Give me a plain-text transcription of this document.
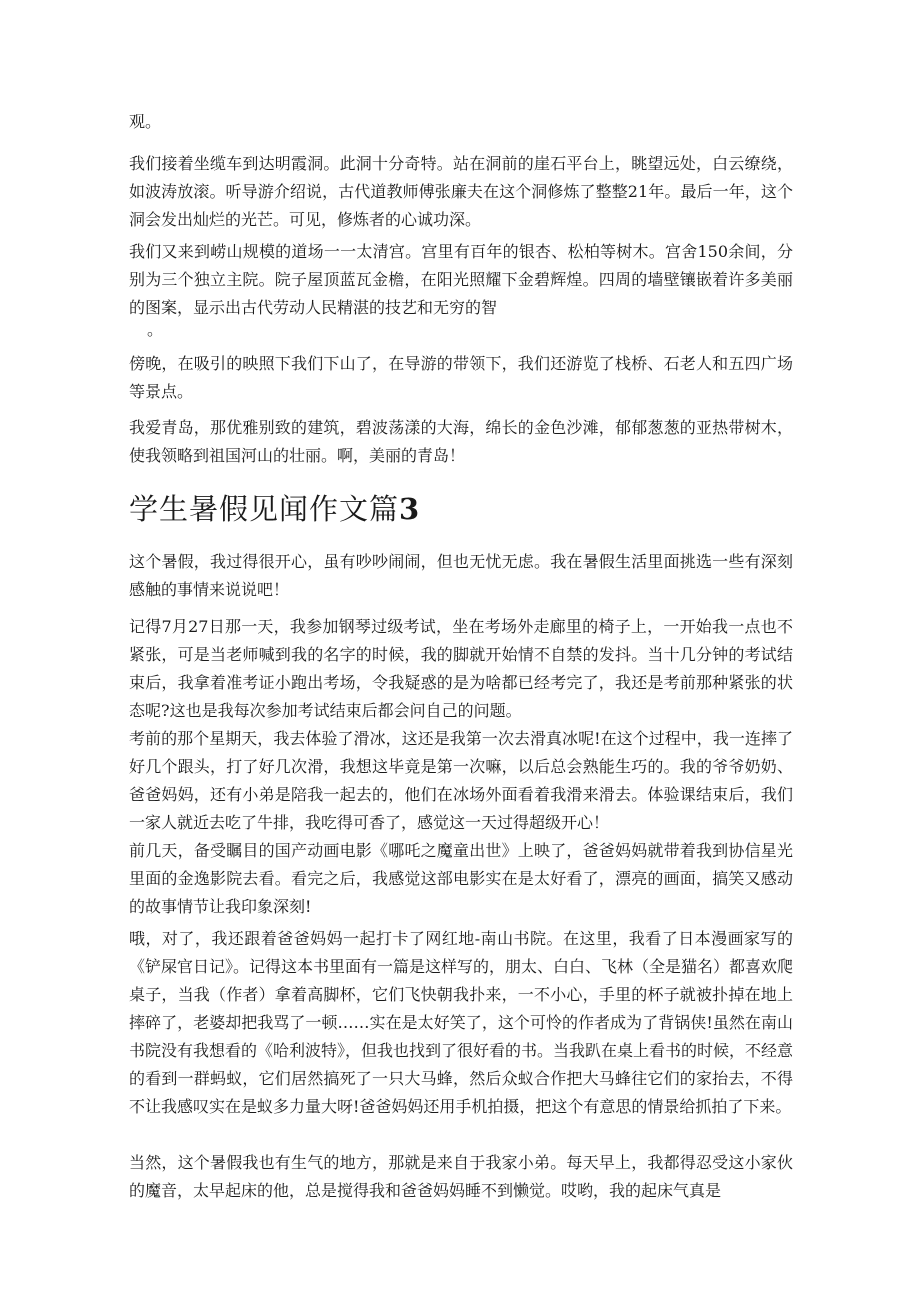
观。

我们接着坐缆车到达明霞洞。此洞十分奇特。站在洞前的崖石平台上，眺望远处，白云缭绕，如波涛放滚。听导游介绍说，古代道教师傅张廉夫在这个洞修炼了整整21年。最后一年，这个洞会发出灿烂的光芒。可见，修炼者的心诚功深。

我们又来到崂山规模的道场一一太清宫。宫里有百年的银杏、松柏等树木。宫舍150余间，分别为三个独立主院。院子屋顶蓝瓦金檐，在阳光照耀下金碧辉煌。四周的墙壁镶嵌着许多美丽的图案，显示出古代劳动人民精湛的技艺和无穷的智

。

傍晚，在吸引的映照下我们下山了，在导游的带领下，我们还游览了栈桥、石老人和五四广场等景点。

我爱青岛，那优雅别致的建筑，碧波荡漾的大海，绵长的金色沙滩，郁郁葱葱的亚热带树木，使我领略到祖国河山的壮丽。啊，美丽的青岛！

学生暑假见闻作文篇3

这个暑假，我过得很开心，虽有吵吵闹闹，但也无忧无虑。我在暑假生活里面挑选一些有深刻感触的事情来说说吧！

记得7月27日那一天，我参加钢琴过级考试，坐在考场外走廊里的椅子上，一开始我一点也不紧张，可是当老师喊到我的名字的时候，我的脚就开始情不自禁的发抖。当十几分钟的考试结束后，我拿着准考证小跑出考场，令我疑惑的是为啥都已经考完了，我还是考前那种紧张的状态呢?这也是我每次参加考试结束后都会问自己的问题。

考前的那个星期天，我去体验了滑冰，这还是我第一次去滑真冰呢!在这个过程中，我一连摔了好几个跟头，打了好几次滑，我想这毕竟是第一次嘛，以后总会熟能生巧的。我的爷爷奶奶、爸爸妈妈，还有小弟是陪我一起去的，他们在冰场外面看着我滑来滑去。体验课结束后，我们一家人就近去吃了牛排，我吃得可香了，感觉这一天过得超级开心！

前几天，备受瞩目的国产动画电影《哪吒之魔童出世》上映了，爸爸妈妈就带着我到协信星光里面的金逸影院去看。看完之后，我感觉这部电影实在是太好看了，漂亮的画面，搞笑又感动的故事情节让我印象深刻!

哦，对了，我还跟着爸爸妈妈一起打卡了网红地-南山书院。在这里，我看了日本漫画家写的《铲屎官日记》。记得这本书里面有一篇是这样写的，朋太、白白、飞林（全是猫名）都喜欢爬桌子，当我（作者）拿着高脚杯，它们飞快朝我扑来，一不小心，手里的杯子就被扑掉在地上摔碎了，老婆却把我骂了一顿……实在是太好笑了，这个可怜的作者成为了背锅侠!虽然在南山书院没有我想看的《哈利波特》，但我也找到了很好看的书。当我趴在桌上看书的时候，不经意的看到一群蚂蚁，它们居然搞死了一只大马蜂，然后众蚁合作把大马蜂往它们的家抬去，不得不让我感叹实在是蚁多力量大呀!爸爸妈妈还用手机拍摄，把这个有意思的情景给抓拍了下来。

当然，这个暑假我也有生气的地方，那就是来自于我家小弟。每天早上，我都得忍受这小家伙的魔音，太早起床的他，总是搅得我和爸爸妈妈睡不到懒觉。哎哟，我的起床气真是
